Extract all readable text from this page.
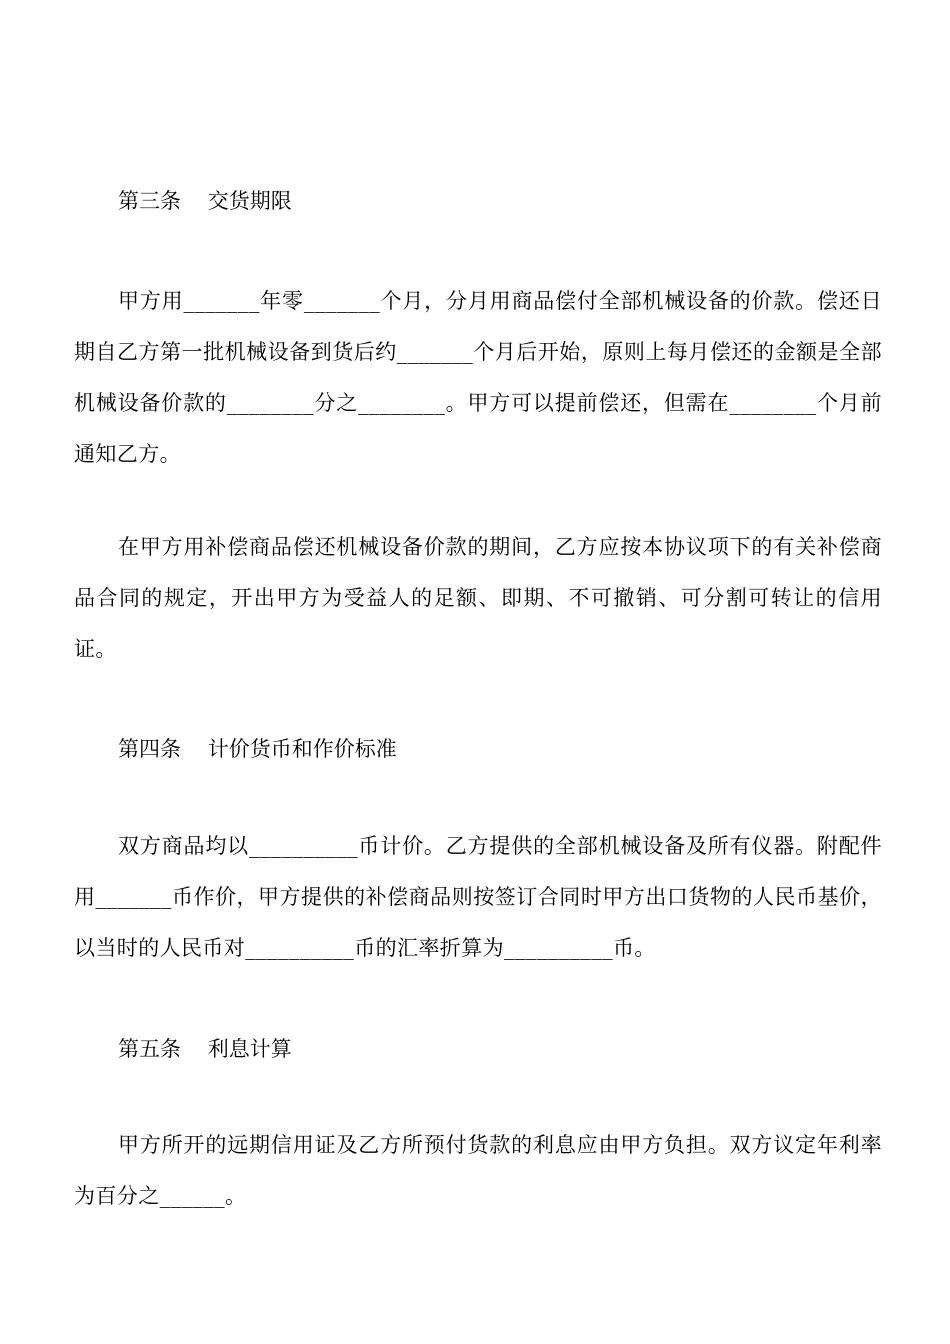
第三条    交货期限

甲方用_______年零_______个月，分月用商品偿付全部机械设备的价款。偿还日期自乙方第一批机械设备到货后约_______个月后开始，原则上每月偿还的金额是全部机械设备价款的________分之________。甲方可以提前偿还，但需在________个月前通知乙方。

在甲方用补偿商品偿还机械设备价款的期间，乙方应按本协议项下的有关补偿商品合同的规定，开出甲方为受益人的足额、即期、不可撤销、可分割可转让的信用证。

第四条    计价货币和作价标准

双方商品均以__________币计价。乙方提供的全部机械设备及所有仪器。附配件用_______币作价，甲方提供的补偿商品则按签订合同时甲方出口货物的人民币基价，以当时的人民币对__________币的汇率折算为__________币。

第五条    利息计算

甲方所开的远期信用证及乙方所预付货款的利息应由甲方负担。双方议定年利率为百分之______。
